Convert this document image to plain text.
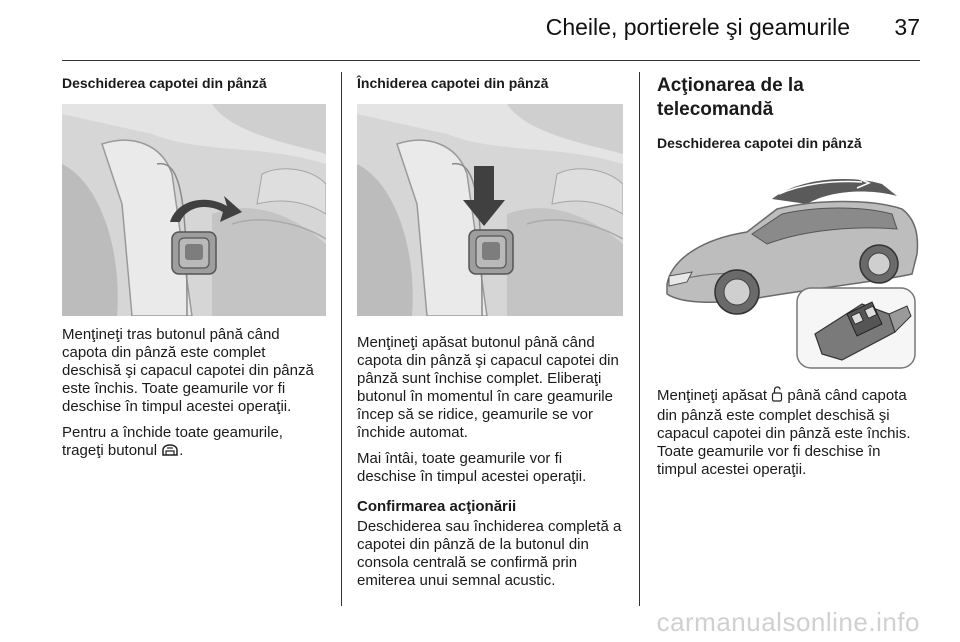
Cheile, portierele şi geamurile 37
Deschiderea capotei din pânză

Menţineţi tras butonul până când capota din pânză este complet deschisă şi capacul capotei din pânză este închis. Toate geamurile vor fi deschise în timpul acestei operaţii.

Pentru a închide toate geamurile, trageţi butonul .

Închiderea capotei din pânză

Menţineţi apăsat butonul până când capota din pânză şi capacul capotei din pânză sunt închise complet. Eliberaţi butonul în momentul în care geamurile încep să se ridice, geamurile se vor închide automat.

Mai întâi, toate geamurile vor fi deschise în timpul acestei operaţii.

Confirmarea acţionării

Deschiderea sau închiderea completă a capotei din pânză de la butonul din consola centrală se confirmă prin emiterea unui semnal acustic.

Acţionarea de la telecomandă
Deschiderea capotei din pânză

Menţineţi apăsat până când capota din pânză este complet deschisă şi capacul capotei din pânză este închis. Toate geamurile vor fi deschise în timpul acestei operaţii.

carmanualsonline.info
